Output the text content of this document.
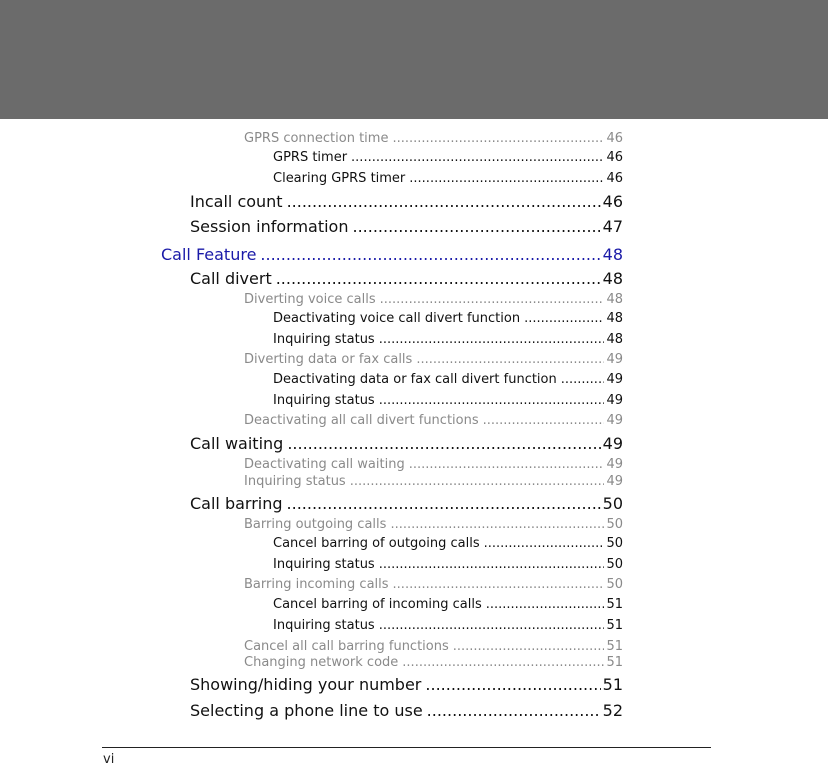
GPRS connection time .....	46
GPRS timer .....	46
Clearing GPRS timer .....	46
Incall count .....	46
Session information .....	47
Call Feature .....	48
Call divert .....	48
Diverting voice calls .....	48
Deactivating voice call divert function .....	48
Inquiring status .....	48
Diverting data or fax calls .....	49
Deactivating data or fax call divert function .....	49
Inquiring status .....	49
Deactivating all call divert functions .....	49
Call waiting .....	49
Deactivating call waiting .....	49
Inquiring status .....	49
Call barring .....	50
Barring outgoing calls .....	50
Cancel barring of outgoing calls .....	50
Inquiring status .....	50
Barring incoming calls .....	50
Cancel barring of incoming calls .....	51
Inquiring status .....	51
Cancel all call barring functions .....	51
Changing network code .....	51
Showing/hiding your number .....	51
Selecting a phone line to use .....	52
vi
